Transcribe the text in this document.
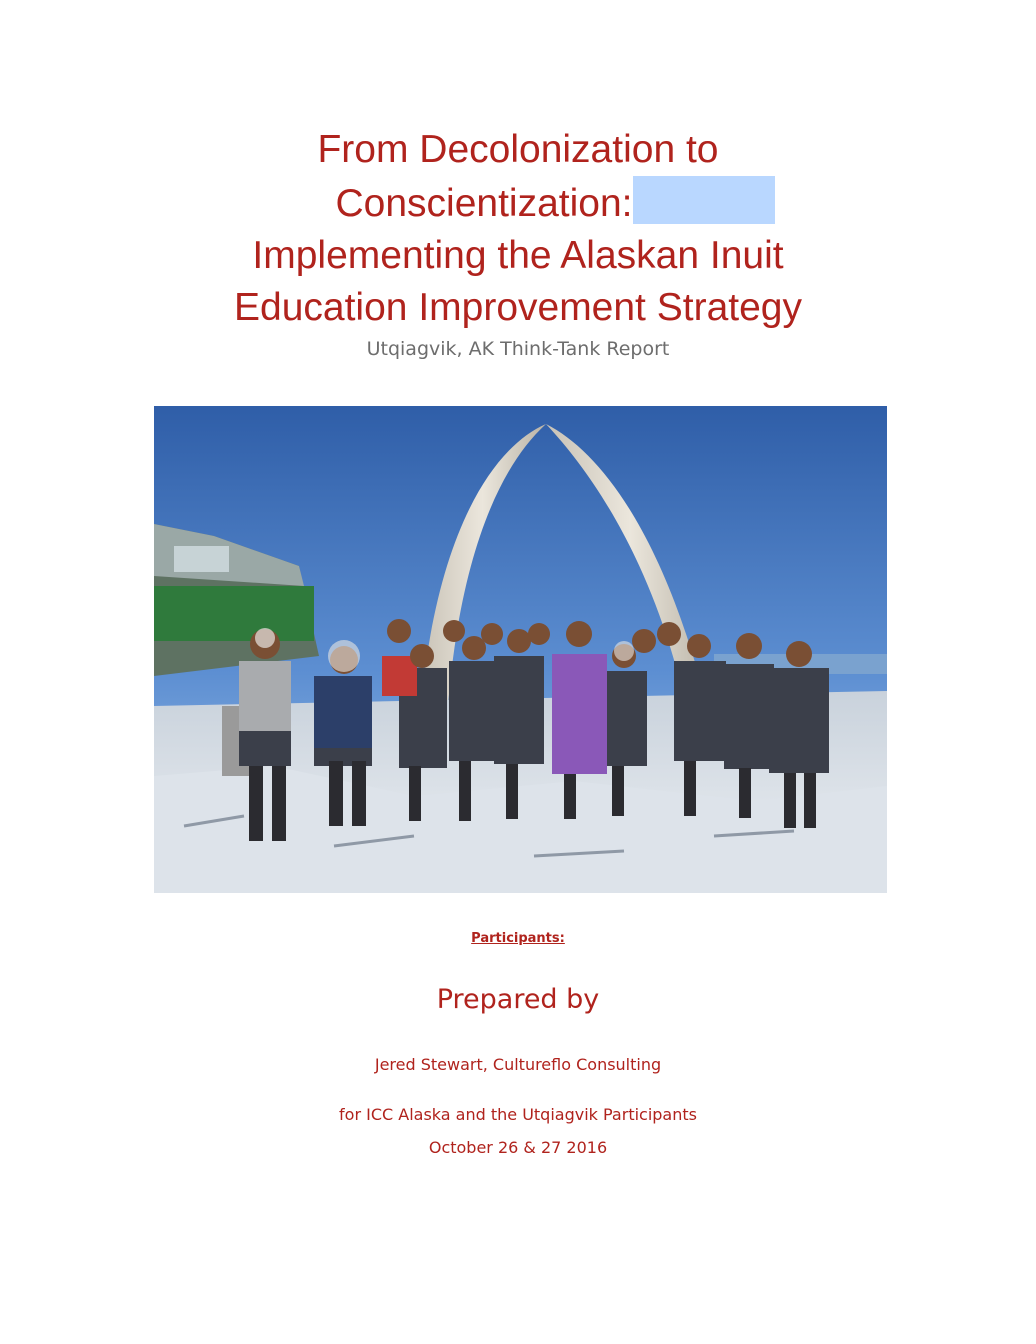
From Decolonization to
Conscientization:
Implementing the Alaskan Inuit
Education Improvement Strategy
Utqiagvik, AK Think-Tank Report
Participants:
Prepared by
Jered Stewart, Cultureflo Consulting
for ICC Alaska and the Utqiagvik Participants
October 26 & 27 2016
